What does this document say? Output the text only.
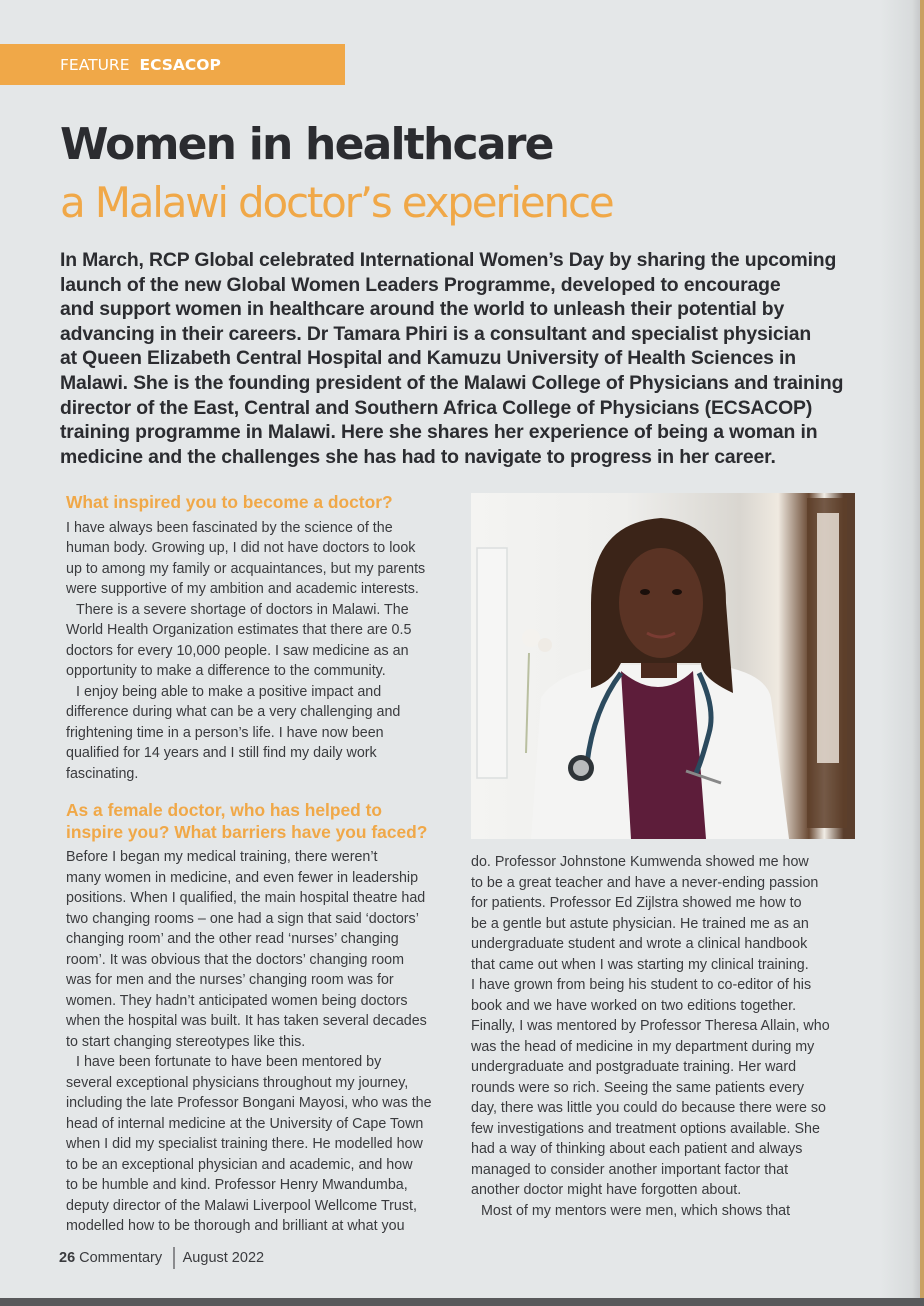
FEATURE ECSACOP
Women in healthcare
a Malawi doctor’s experience
In March, RCP Global celebrated International Women’s Day by sharing the upcoming
launch of the new Global Women Leaders Programme, developed to encourage
and support women in healthcare around the world to unleash their potential by
advancing in their careers. Dr Tamara Phiri is a consultant and specialist physician
at Queen Elizabeth Central Hospital and Kamuzu University of Health Sciences in
Malawi. She is the founding president of the Malawi College of Physicians and training
director of the East, Central and Southern Africa College of Physicians (ECSACOP)
training programme in Malawi. Here she shares her experience of being a woman in
medicine and the challenges she has had to navigate to progress in her career.
What inspired you to become a doctor?
I have always been fascinated by the science of the
human body. Growing up, I did not have doctors to look
up to among my family or acquaintances, but my parents
were supportive of my ambition and academic interests.
There is a severe shortage of doctors in Malawi. The
World Health Organization estimates that there are 0.5
doctors for every 10,000 people. I saw medicine as an
opportunity to make a difference to the community.
I enjoy being able to make a positive impact and
difference during what can be a very challenging and
frightening time in a person’s life. I have now been
qualified for 14 years and I still find my daily work
fascinating.
As a female doctor, who has helped to
inspire you? What barriers have you faced?
Before I began my medical training, there weren’t
many women in medicine, and even fewer in leadership
positions. When I qualified, the main hospital theatre had
two changing rooms – one had a sign that said ‘doctors’
changing room’ and the other read ‘nurses’ changing
room’. It was obvious that the doctors’ changing room
was for men and the nurses’ changing room was for
women. They hadn’t anticipated women being doctors
when the hospital was built. It has taken several decades
to start changing stereotypes like this.
I have been fortunate to have been mentored by
several exceptional physicians throughout my journey,
including the late Professor Bongani Mayosi, who was the
head of internal medicine at the University of Cape Town
when I did my specialist training there. He modelled how
to be an exceptional physician and academic, and how
to be humble and kind. Professor Henry Mwandumba,
deputy director of the Malawi Liverpool Wellcome Trust,
modelled how to be thorough and brilliant at what you
do. Professor Johnstone Kumwenda showed me how
to be a great teacher and have a never-ending passion
for patients. Professor Ed Zijlstra showed me how to
be a gentle but astute physician. He trained me as an
undergraduate student and wrote a clinical handbook
that came out when I was starting my clinical training.
I have grown from being his student to co-editor of his
book and we have worked on two editions together.
Finally, I was mentored by Professor Theresa Allain, who
was the head of medicine in my department during my
undergraduate and postgraduate training. Her ward
rounds were so rich. Seeing the same patients every
day, there was little you could do because there were so
few investigations and treatment options available. She
had a way of thinking about each patient and always
managed to consider another important factor that
another doctor might have forgotten about.
Most of my mentors were men, which shows that
26 Commentary August 2022
